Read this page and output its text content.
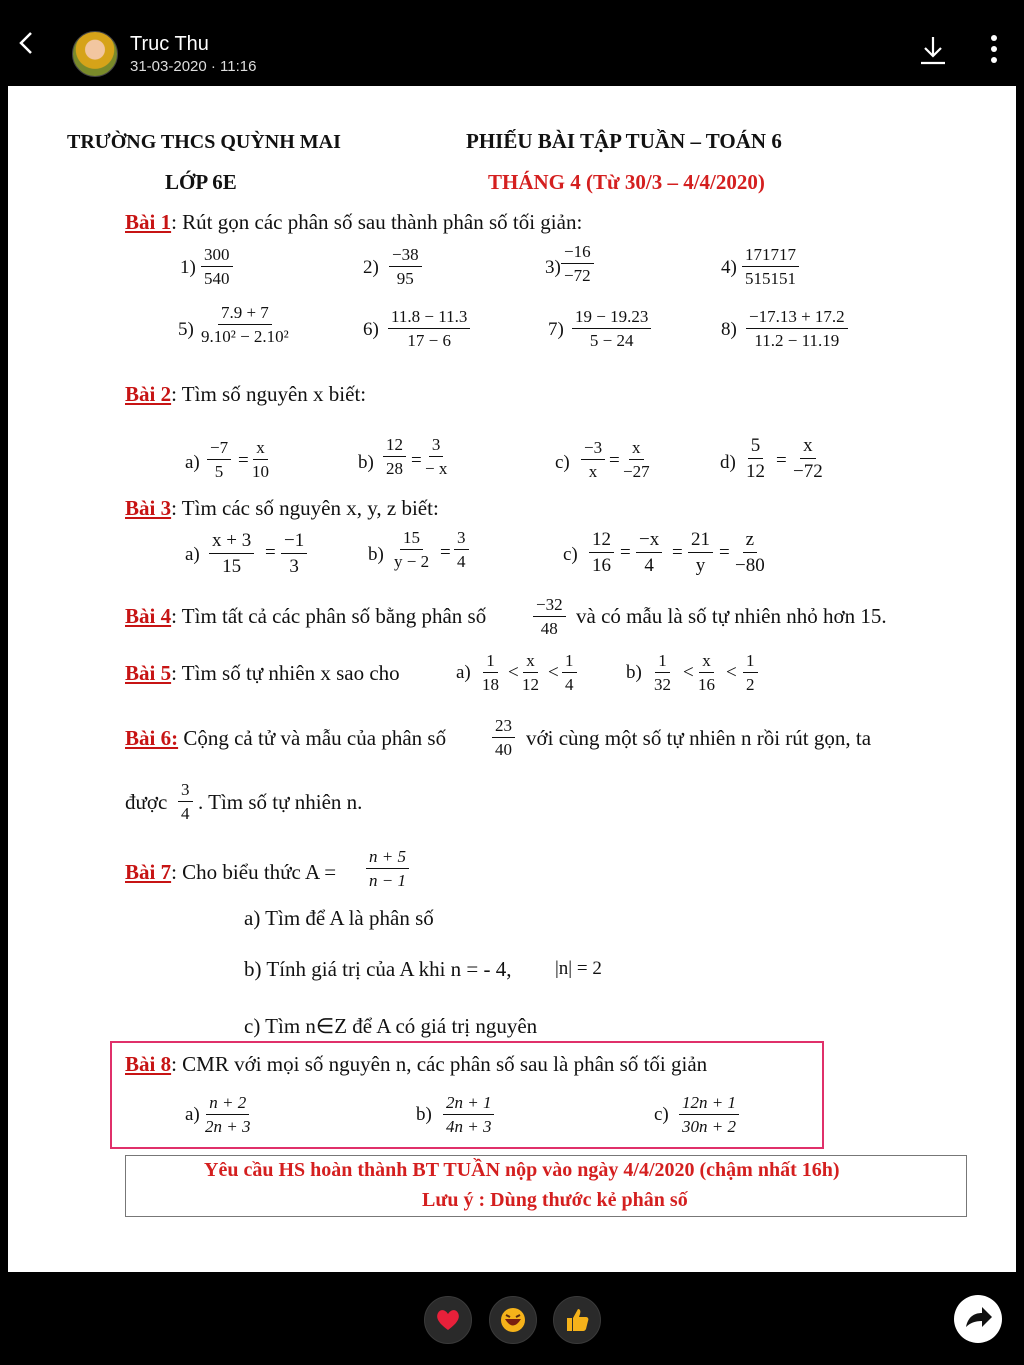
Truc Thu
31-03-2020 · 11:16
TRƯỜNG THCS QUỲNH MAI	PHIẾU BÀI TẬP TUẦN – TOÁN 6
LỚP 6E	THÁNG 4 (Từ 30/3 – 4/4/2020)
Bài 1: Rút gọn các phân số sau thành phân số tối giản:
$1) \frac{300}{540}$	$2) \frac{-38}{95}$	$3) \frac{-16}{-72}$	$4) \frac{171717}{515151}$
$5) \frac{7.9 + 7}{\text{9.10² − 2.10²}}$	$6) \frac{11.8 - 11.3}{17 - 6}$	$7) \frac{19 - 19.23}{5 - 24}$	$8) \frac{-17.13 + 17.2}{11.2 - 11.19}$
Bài 2: Tìm số nguyên x biết:
$a) \frac{-7}{5} = \frac{x}{10}$	$b) \frac{12}{28} = \frac{3}{- x}$	$c) \frac{-3}{x} = \frac{x}{-27}$	$d) \frac{5}{12} = \frac{x}{-72}$
Bài 3: Tìm các số nguyên x, y, z biết:
$a) \frac{x + 3}{15} = \frac{-1}{3}$	$b) \frac{15}{y - 2} = \frac{3}{4}$	$c) \frac{12}{16} = \frac{-x}{4} = \frac{21}{y} = \frac{z}{-80}$
Bài 4: Tìm tất cả các phân số bằng phân số	$\frac{-32}{48}$ và có mẫu là số tự nhiên nhỏ hơn 15.
Bài 5: Tìm số tự nhiên x sao cho	$a) \frac{1}{18} < \frac{x}{12} < \frac{1}{4}$	$b) \frac{1}{32} < \frac{x}{16} < \frac{1}{2}$
Bài 6: Cộng cả tử và mẫu của phân số	$\frac{23}{40}$ với cùng một số tự nhiên n rồi rút gọn, ta
được $\frac{3}{4}$ . Tìm số tự nhiên n.
Bài 7: Cho biểu thức $A = \frac{n + 5}{n - 1}$
a) Tìm để A là phân số
b) Tính giá trị của A khi n = - 4, |n| = 2
c) Tìm n∈Z để A có giá trị nguyên
Bài 8: CMR với mọi số nguyên n, các phân số sau là phân số tối giản
$a) \frac{n + 2}{2n + 3}$	$b) \frac{2n + 1}{4n + 3}$	$c) \frac{12n + 1}{30n + 2}$
Yêu cầu HS hoàn thành BT TUẦN nộp vào ngày 4/4/2020 (chậm nhất 16h)
Lưu ý : Dùng thước kẻ phân số
